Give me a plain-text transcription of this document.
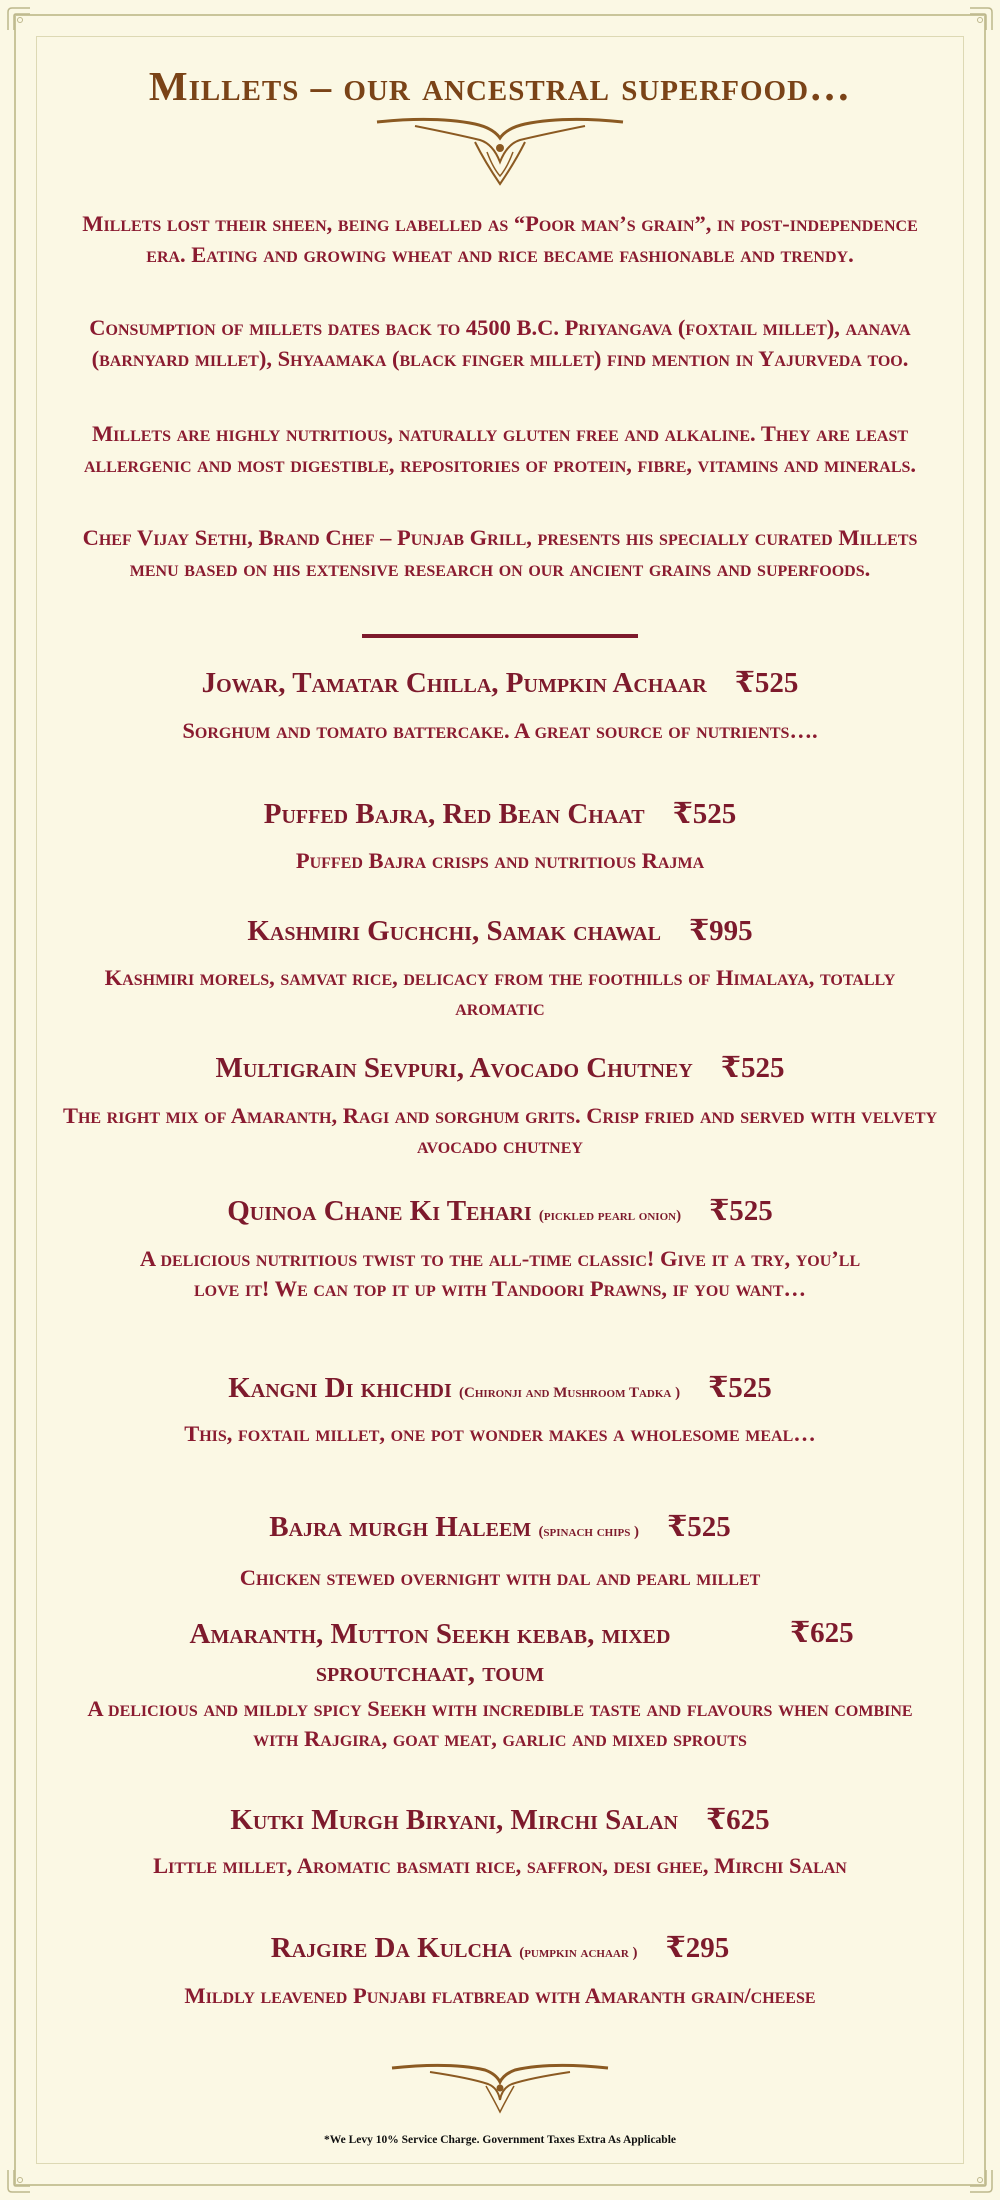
Millets – our ancestral superfood…
Millets lost their sheen, being labelled as “Poor man’s grain”, in post-independence era. Eating and growing wheat and rice became fashionable and trendy.
Consumption of millets dates back to 4500 B.C. Priyangava (foxtail millet), aanava (barnyard millet), Shyaamaka (black finger millet) find mention in Yajurveda too.
Millets are highly nutritious, naturally gluten free and alkaline. They are least allergenic and most digestible, repositories of protein, fibre, vitamins and minerals.
Chef Vijay Sethi, Brand Chef – Punjab Grill, presents his specially curated Millets menu based on his extensive research on our ancient grains and superfoods.
Jowar, Tamatar Chilla, Pumpkin Achaar ₹525
Sorghum and tomato battercake. A great source of nutrients….
Puffed Bajra, Red Bean Chaat ₹525
Puffed Bajra crisps and nutritious Rajma
Kashmiri Guchchi, Samak chawal ₹995
Kashmiri morels, samvat rice, delicacy from the foothills of Himalaya, totally aromatic
Multigrain Sevpuri, Avocado Chutney ₹525
The right mix of Amaranth, Ragi and sorghum grits. Crisp fried and served with velvety avocado chutney
Quinoa Chane Ki Tehari (pickled pearl onion) ₹525
A delicious nutritious twist to the all-time classic! Give it a try, you’ll love it! We can top it up with Tandoori Prawns, if you want…
Kangni Di khichdi (Chironji and Mushroom Tadka ) ₹525
This, foxtail millet, one pot wonder makes a wholesome meal…
Bajra murgh Haleem (spinach chips ) ₹525
Chicken stewed overnight with dal and pearl millet
Amaranth, Mutton Seekh kebab, mixed sproutchaat, toum
₹625
A delicious and mildly spicy Seekh with incredible taste and flavours when combine with Rajgira, goat meat, garlic and mixed sprouts
Kutki Murgh Biryani, Mirchi Salan ₹625
Little millet, Aromatic basmati rice, saffron, desi ghee, Mirchi Salan
Rajgire Da Kulcha (pumpkin achaar ) ₹295
Mildly leavened Punjabi flatbread with Amaranth grain/cheese
*We Levy 10% Service Charge. Government Taxes Extra As Applicable
